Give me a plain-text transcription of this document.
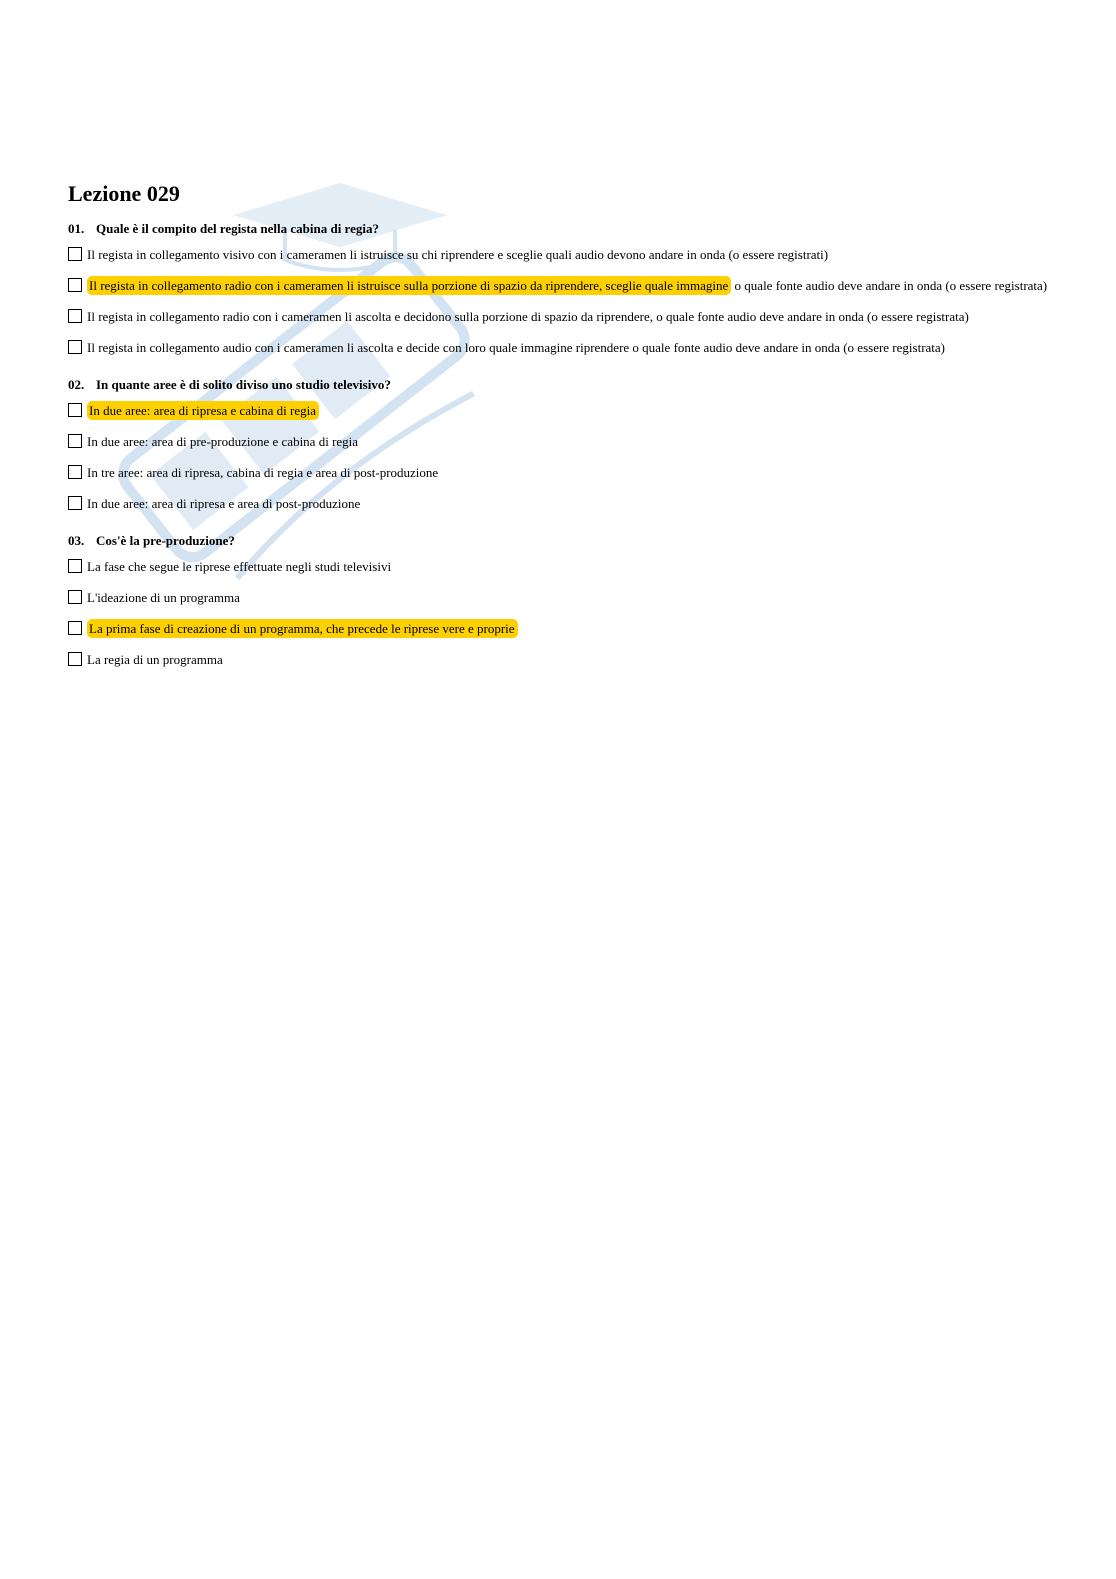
Lezione 029
01. Quale è il compito del regista nella cabina di regia?
Il regista in collegamento visivo con i cameramen li istruisce su chi riprendere e sceglie quali audio devono andare in onda (o essere registrati)
Il regista in collegamento radio con i cameramen li istruisce sulla porzione di spazio da riprendere, sceglie quale immagine o quale fonte audio deve andare in onda (o essere registrata)
Il regista in collegamento radio con i cameramen li ascolta e decidono sulla porzione di spazio da riprendere, o quale fonte audio deve andare in onda (o essere registrata)
Il regista in collegamento audio con i cameramen li ascolta e decide con loro quale immagine riprendere o quale fonte audio deve andare in onda (o essere registrata)
02. In quante aree è di solito diviso uno studio televisivo?
In due aree: area di ripresa e cabina di regia
In due aree: area di pre-produzione e cabina di regia
In tre aree: area di ripresa, cabina di regia e area di post-produzione
In due aree: area di ripresa e area di post-produzione
03. Cos'è la pre-produzione?
La fase che segue le riprese effettuate negli studi televisivi
L'ideazione di un programma
La prima fase di creazione di un programma, che precede le riprese vere e proprie
La regia di un programma
